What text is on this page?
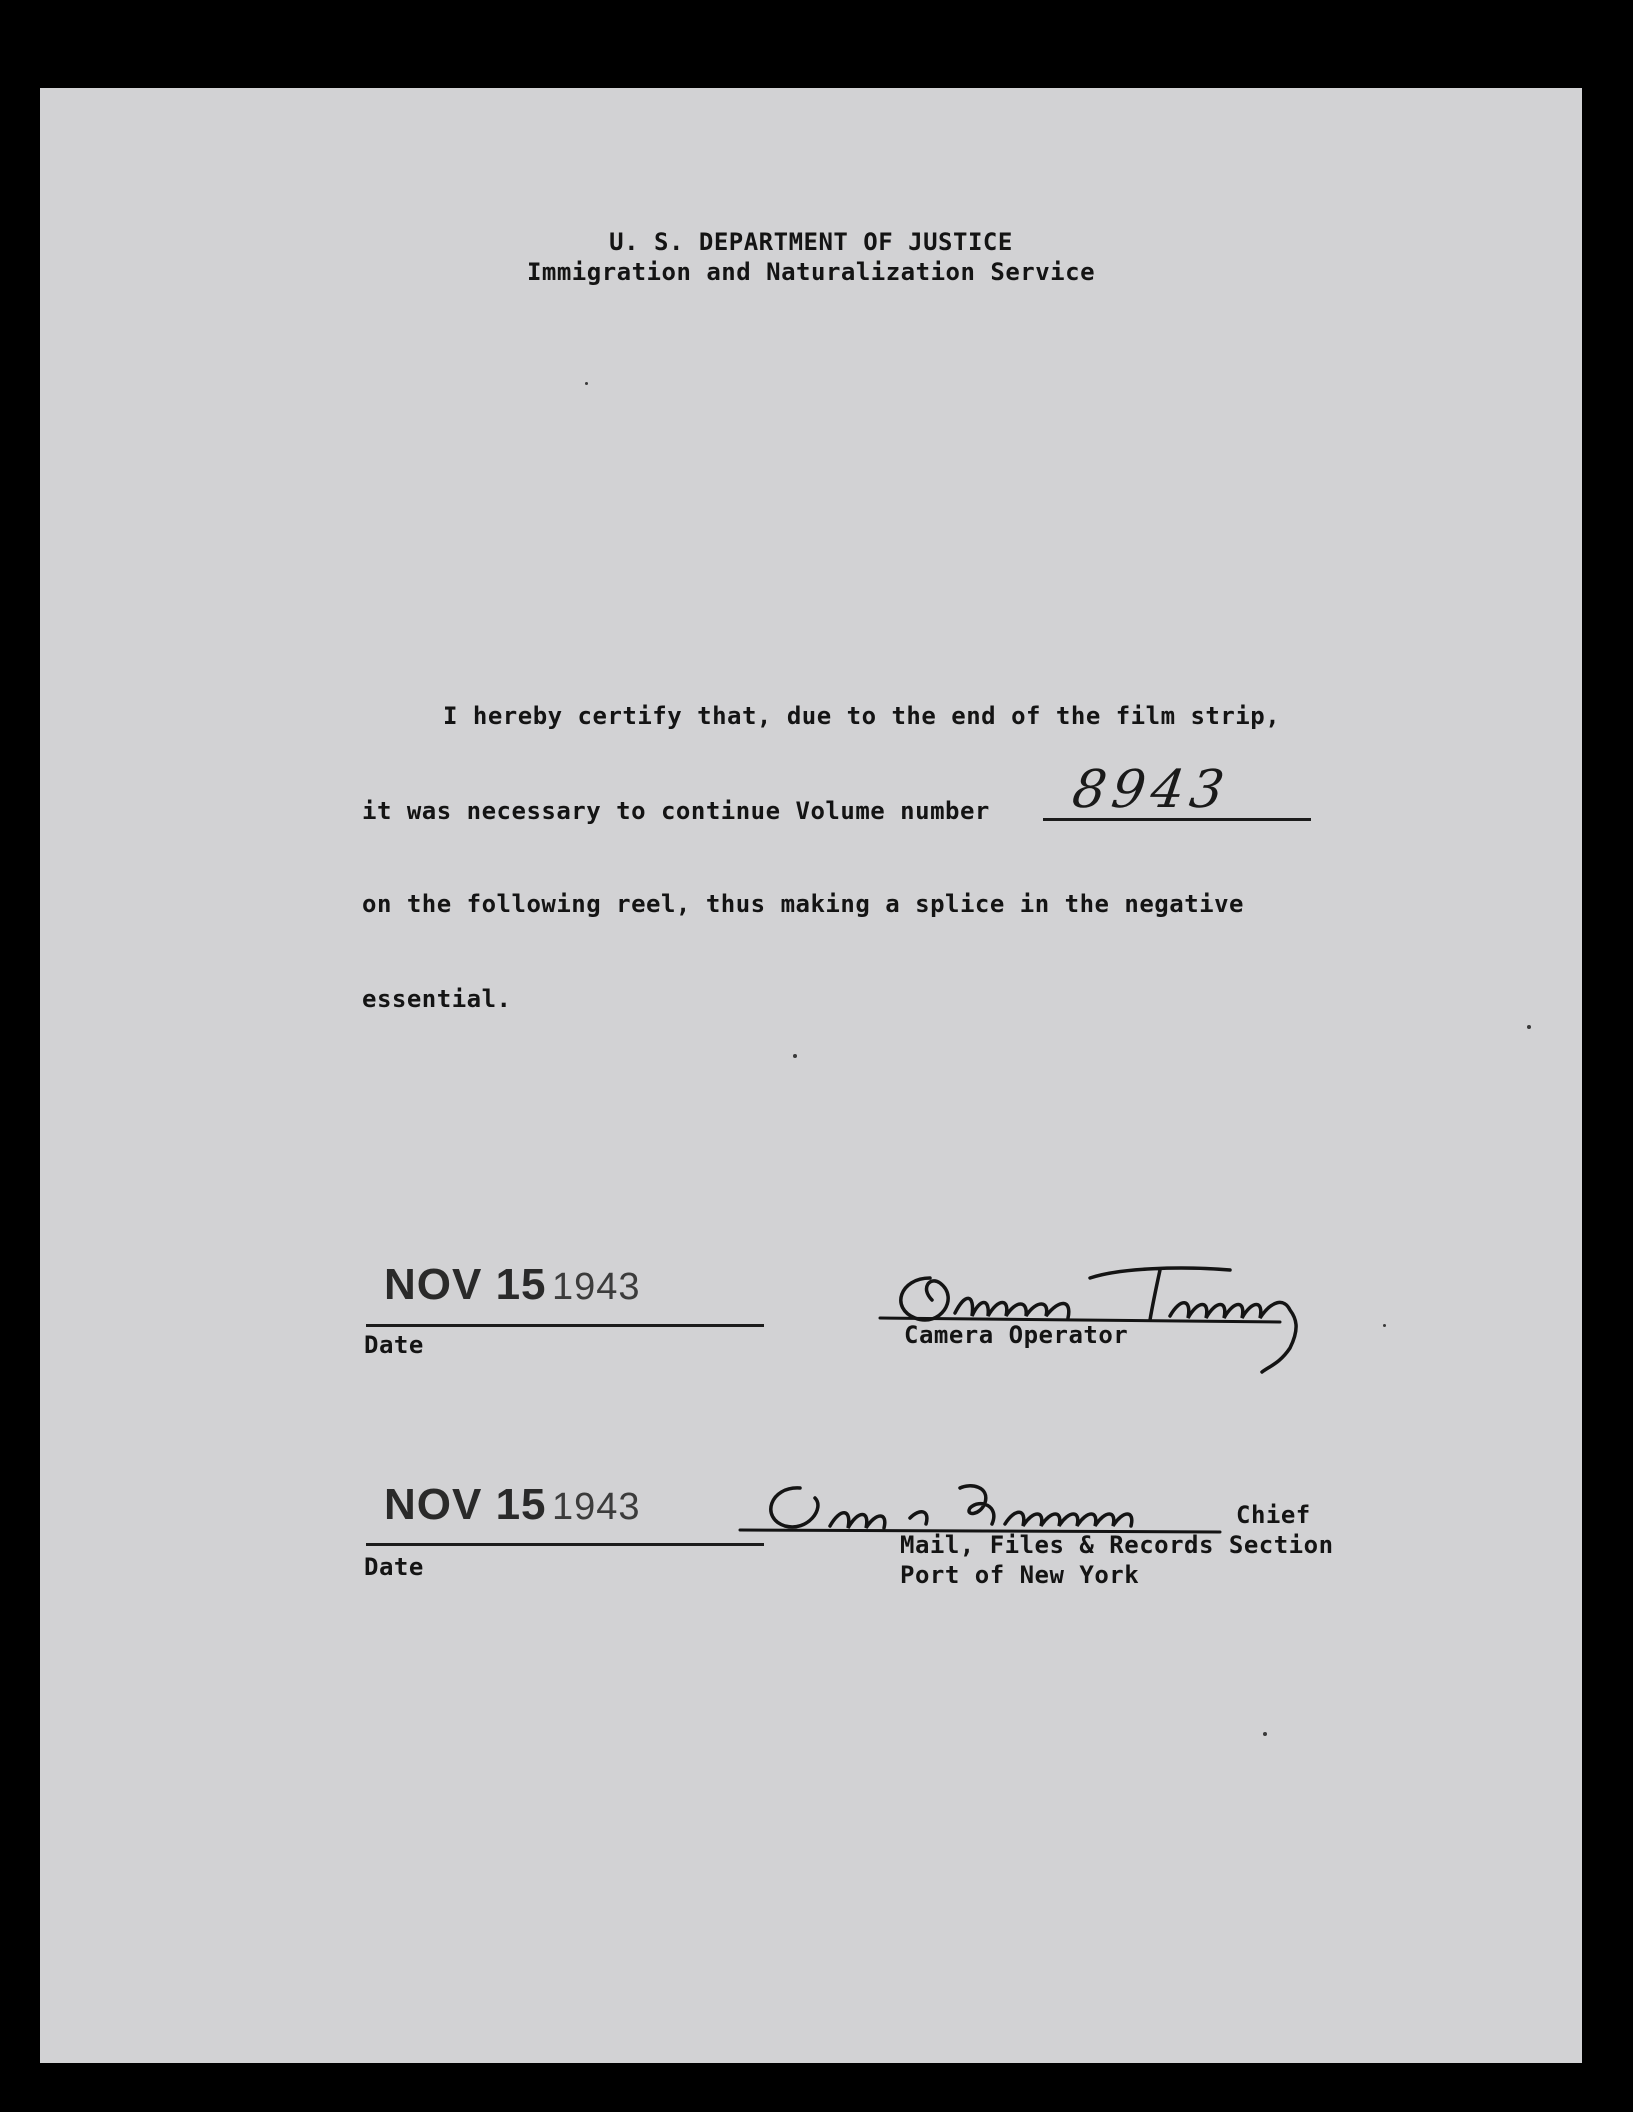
U. S. DEPARTMENT OF JUSTICE
Immigration and Naturalization Service
I hereby certify that, due to the end of the film strip,
it was necessary to continue Volume number 8943
on the following reel, thus making a splice in the negative
essential.
NOV 15 1943
Date	Camera Operator
NOV 15 1943
Date
Chief
Mail, Files & Records Section
Port of New York
